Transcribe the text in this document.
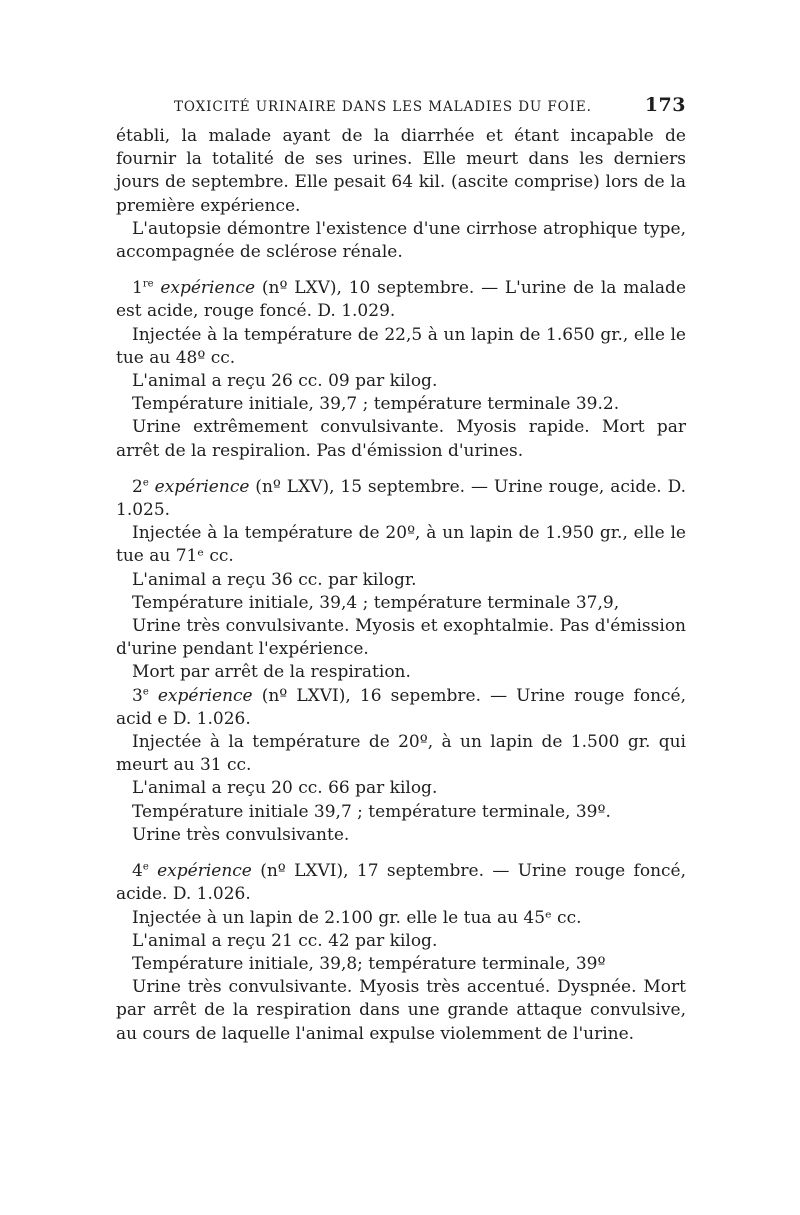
TOXICITÉ URINAIRE DANS LES MALADIES DU FOIE.	173

établi, la malade ayant de la diarrhée et étant incapable de fournir la totalité de ses urines. Elle meurt dans les derniers jours de septembre. Elle pesait 64 kil. (ascite comprise) lors de la première expérience.

L'autopsie démontre l'existence d'une cirrhose atrophique type, accompagnée de sclérose rénale.

1re expérience (nº LXV), 10 septembre. — L'urine de la malade est acide, rouge foncé. D. 1.029.

Injectée à la température de 22,5 à un lapin de 1.650 gr., elle le tue au 48º cc.

L'animal a reçu 26 cc. 09 par kilog.

Température initiale, 39,7 ; température terminale 39.2.

Urine extrêmement convulsivante. Myosis rapide. Mort par arrêt de la respiralion. Pas d'émission d'urines.

2e expérience (nº LXV), 15 septembre. — Urine rouge, acide. D. 1.025.

Injectée à la température de 20º, à un lapin de 1.950 gr., elle le tue au 71ᵉ cc.

L'animal a reçu 36 cc. par kilogr.

Température initiale, 39,4 ; température terminale 37,9,

Urine très convulsivante. Myosis et exophtalmie. Pas d'émission d'urine pendant l'expérience.

Mort par arrêt de la respiration.

3e expérience (nº LXVI), 16 sepembre. — Urine rouge foncé, acid e D. 1.026.

Injectée à la température de 20º, à un lapin de 1.500 gr. qui meurt au 31 cc.

L'animal a reçu 20 cc. 66 par kilog.

Température initiale 39,7 ; température terminale, 39º.

Urine très convulsivante.

4e expérience (nº LXVI), 17 septembre. — Urine rouge foncé, acide. D. 1.026.

Injectée à un lapin de 2.100 gr. elle le tua au 45ᵉ cc.

L'animal a reçu 21 cc. 42 par kilog.

Température initiale, 39,8; température terminale, 39º

Urine très convulsivante. Myosis très accentué. Dyspnée. Mort par arrêt de la respiration dans une grande attaque convulsive, au cours de laquelle l'animal expulse violemment de l'urine.
